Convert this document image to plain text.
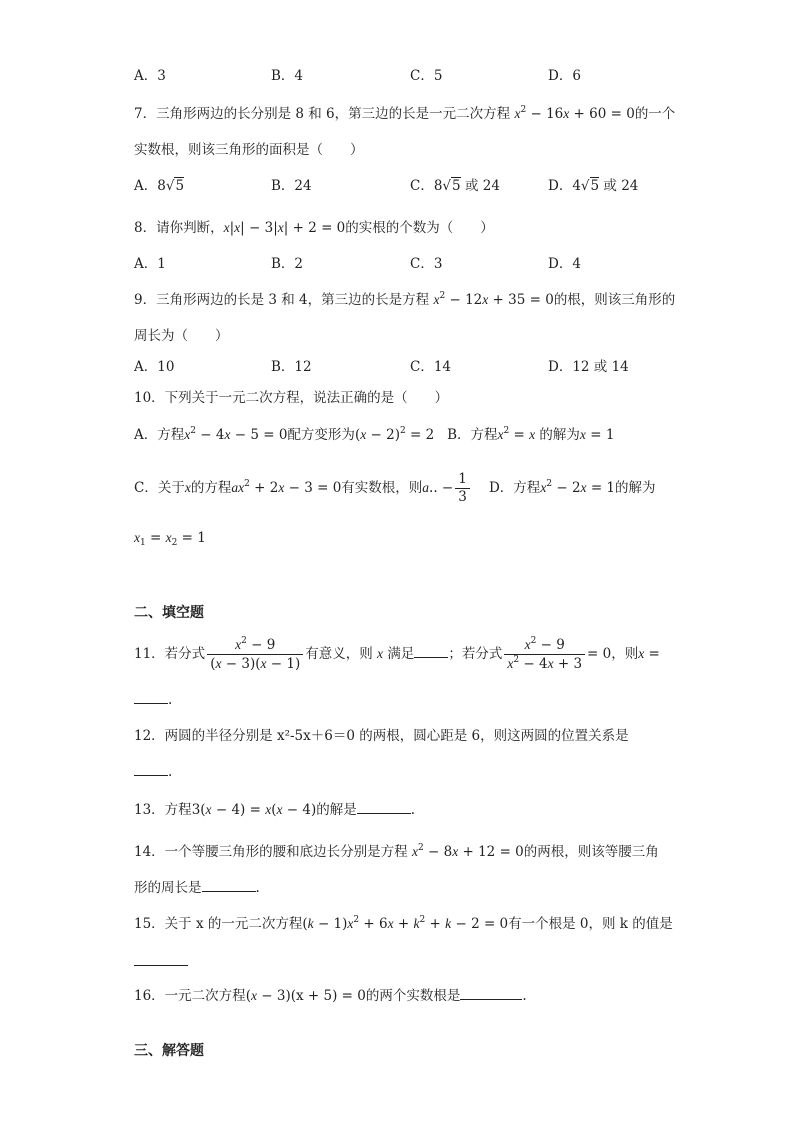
A．3	B．4	C．5	D．6
7．三角形两边的长分别是 8 和 6，第三边的长是一元二次方程 $x^2 - 16x + 60 = 0$的一个
实数根，则该三角形的面积是（　　）
A．8√5	B．24	C．8√5 或 24	D．4√5 或 24
8．请你判断，x|x| − 3|x| + 2 = 0的实根的个数为（　　）
A．1	B．2	C．3	D．4
9．三角形两边的长是 3 和 4，第三边的长是方程 $x^2 - 12x + 35 = 0$的根，则该三角形的
周长为（　　）
A．10	B．12	C．14	D．12 或 14
10．下列关于一元二次方程，说法正确的是（　　）
A．方程$x^2 - 4x - 5 = 0$配方变形为$(x - 2)^2 = 2$   B．方程$x^2 = x$ 的解为x = 1
C．关于x的方程$ax^2 + 2x - 3 = 0$有实数根，则a.. − $\frac{1}{3}$ D．方程$x^2 - 2x = 1$的解为
$x_1 = x_2 = 1$
二、填空题
11．若分式 $\frac{x^2 - 9}{(x - 3)(x - 1)}$ 有意义，则 x 满足	；若分式 $\frac{x^2 - 9}{x^2 - 4x + 3} = 0$，则x =
.
12．两圆的半径分别是 x²-5x＋6＝0 的两根，圆心距是 6，则这两圆的位置关系是
.
13．方程3(x − 4) = x(x − 4)的解是	.
14．一个等腰三角形的腰和底边长分别是方程 $x^2 - 8x + 12 = 0$的两根，则该等腰三角
形的周长是	.
15．关于 x 的一元二次方程$(k - 1)x^2 + 6x + k^2 + k - 2 = 0$有一个根是 0，则 k 的值是
16．一元二次方程(x − 3)(x + 5) = 0的两个实数根是	.
三、解答题
